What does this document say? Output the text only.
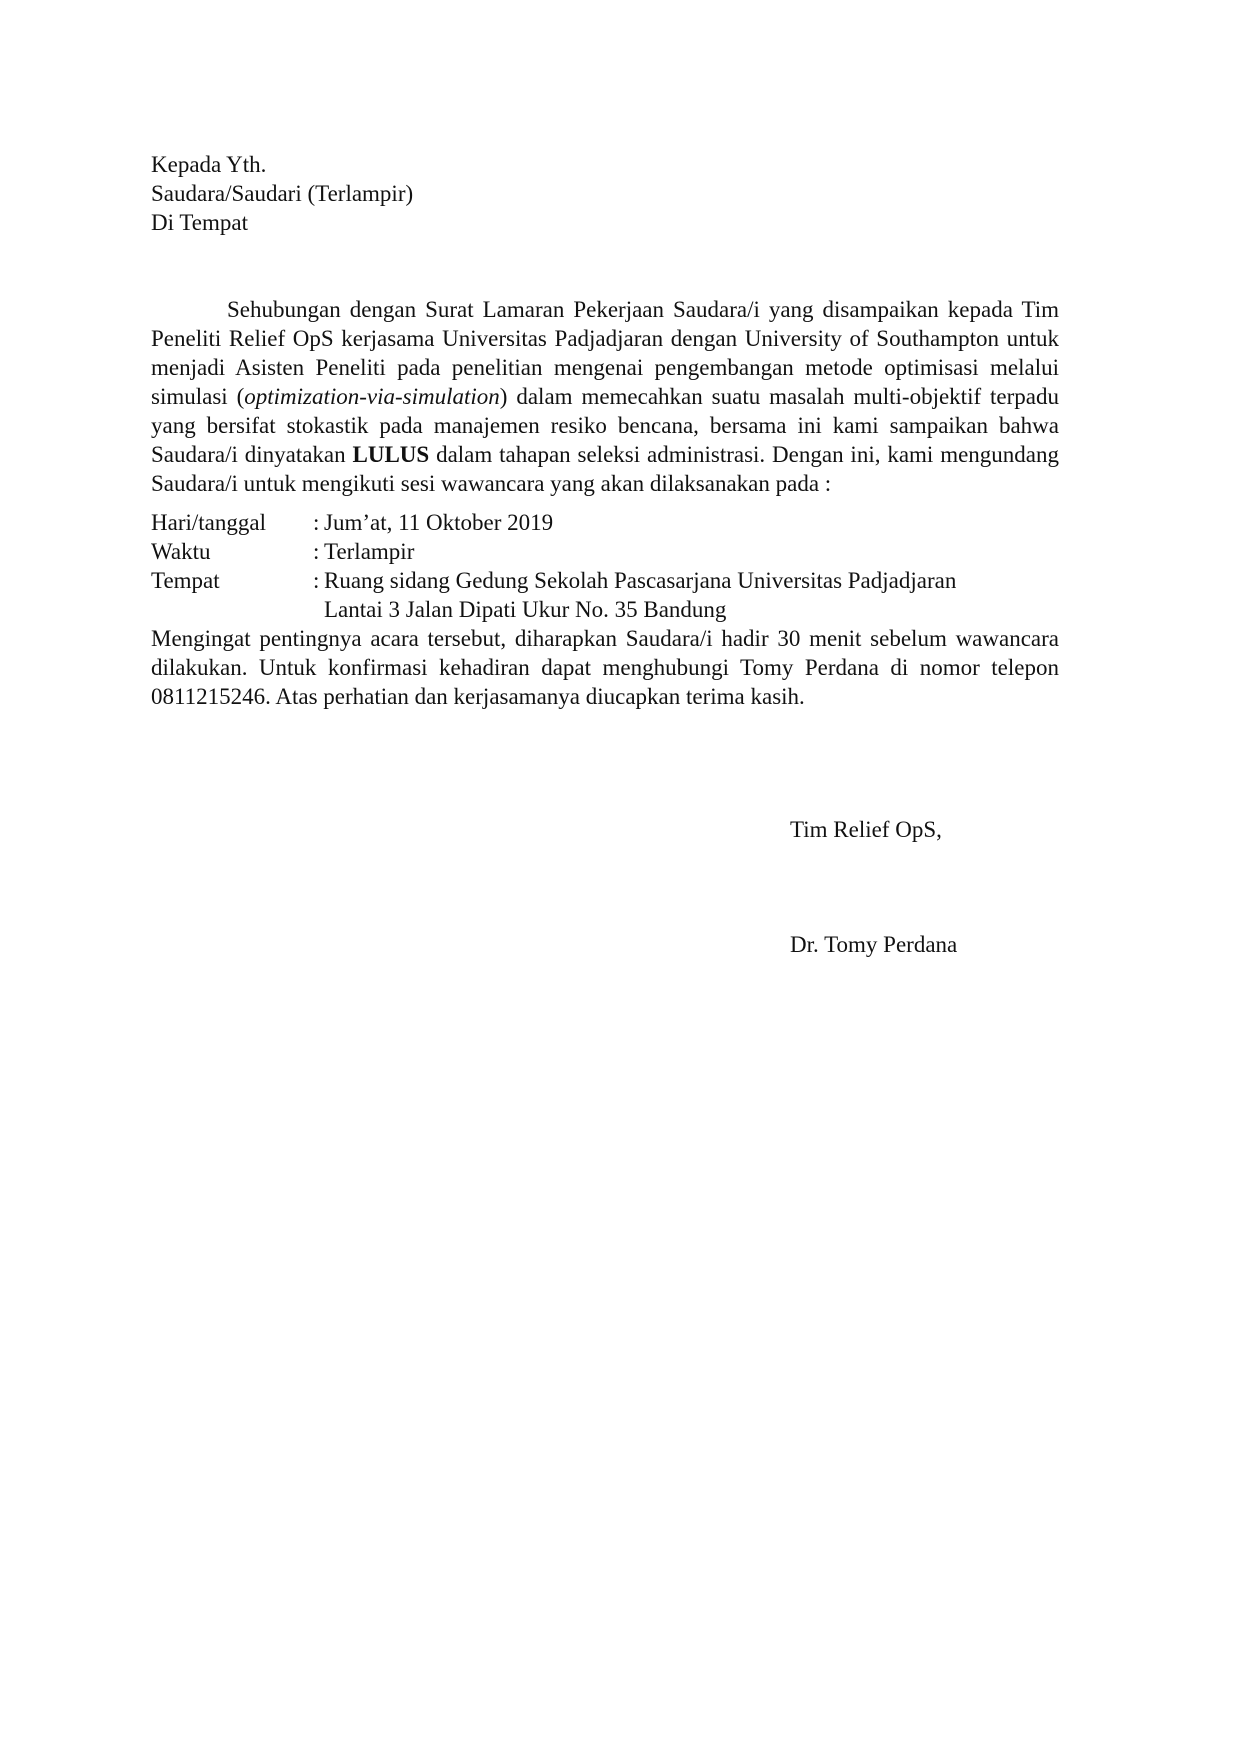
Kepada Yth.
Saudara/Saudari (Terlampir)
Di Tempat

Sehubungan dengan Surat Lamaran Pekerjaan Saudara/i yang disampaikan kepada Tim Peneliti Relief OpS kerjasama Universitas Padjadjaran dengan University of Southampton untuk menjadi Asisten Peneliti pada penelitian mengenai pengembangan metode optimisasi melalui simulasi (optimization-via-simulation) dalam memecahkan suatu masalah multi-objektif terpadu yang bersifat stokastik pada manajemen resiko bencana, bersama ini kami sampaikan bahwa Saudara/i dinyatakan LULUS dalam tahapan seleksi administrasi. Dengan ini, kami mengundang Saudara/i untuk mengikuti sesi wawancara yang akan dilaksanakan pada :

Hari/tanggal	: Jum’at, 11 Oktober 2019
Waktu	: Terlampir
Tempat	: Ruang sidang Gedung Sekolah Pascasarjana Universitas Padjadjaran
Lantai 3 Jalan Dipati Ukur No. 35 Bandung

Mengingat pentingnya acara tersebut, diharapkan Saudara/i hadir 30 menit sebelum wawancara dilakukan. Untuk konfirmasi kehadiran dapat menghubungi Tomy Perdana di nomor telepon 0811215246. Atas perhatian dan kerjasamanya diucapkan terima kasih.

Tim Relief OpS,
Dr. Tomy Perdana
